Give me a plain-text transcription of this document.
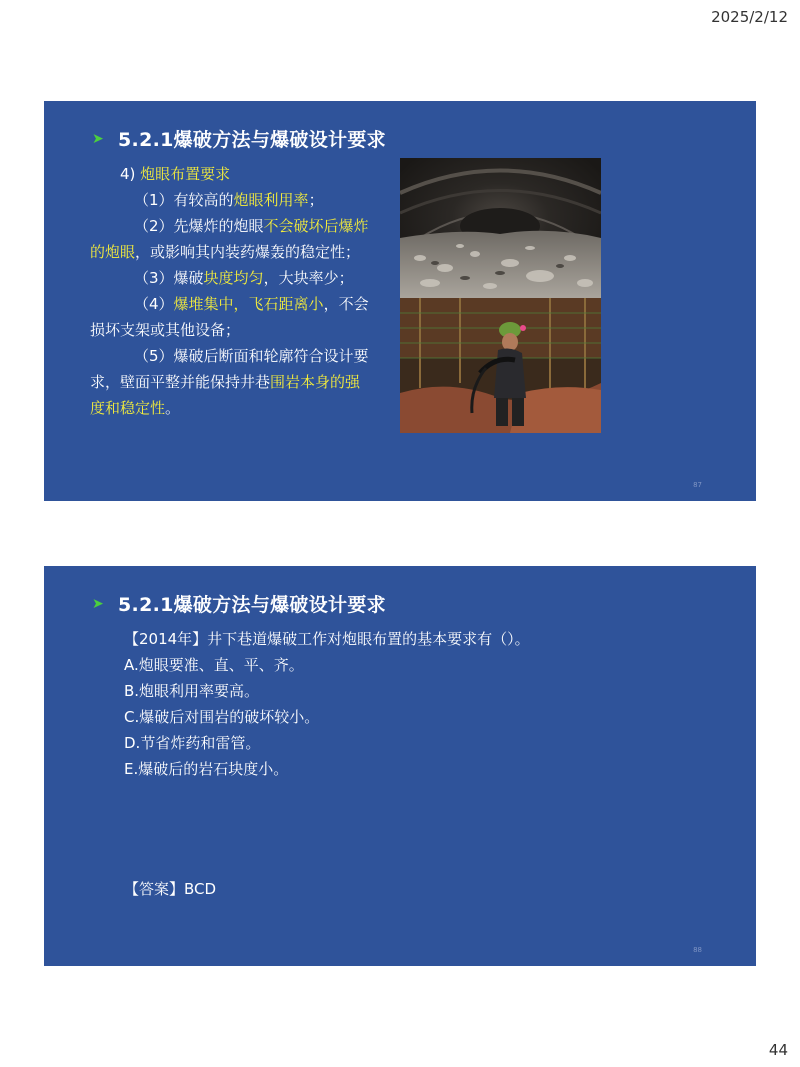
2025/2/12
➤ 5.2.1爆破方法与爆破设计要求
4) 炮眼布置要求
（1）有较高的炮眼利用率；
（2）先爆炸的炮眼不会破坏后爆炸
的炮眼，或影响其内装药爆轰的稳定性；
（3）爆破块度均匀，大块率少；
（4）爆堆集中，飞石距离小，不会
损坏支架或其他设备；
（5）爆破后断面和轮廓符合设计要
求，壁面平整并能保持井巷围岩本身的强
度和稳定性。
87
➤ 5.2.1爆破方法与爆破设计要求
【2014年】井下巷道爆破工作对炮眼布置的基本要求有（）。
A.炮眼要准、直、平、齐。
B.炮眼利用率要高。
C.爆破后对围岩的破坏较小。
D.节省炸药和雷管。
E.爆破后的岩石块度小。
【答案】BCD
88
44
